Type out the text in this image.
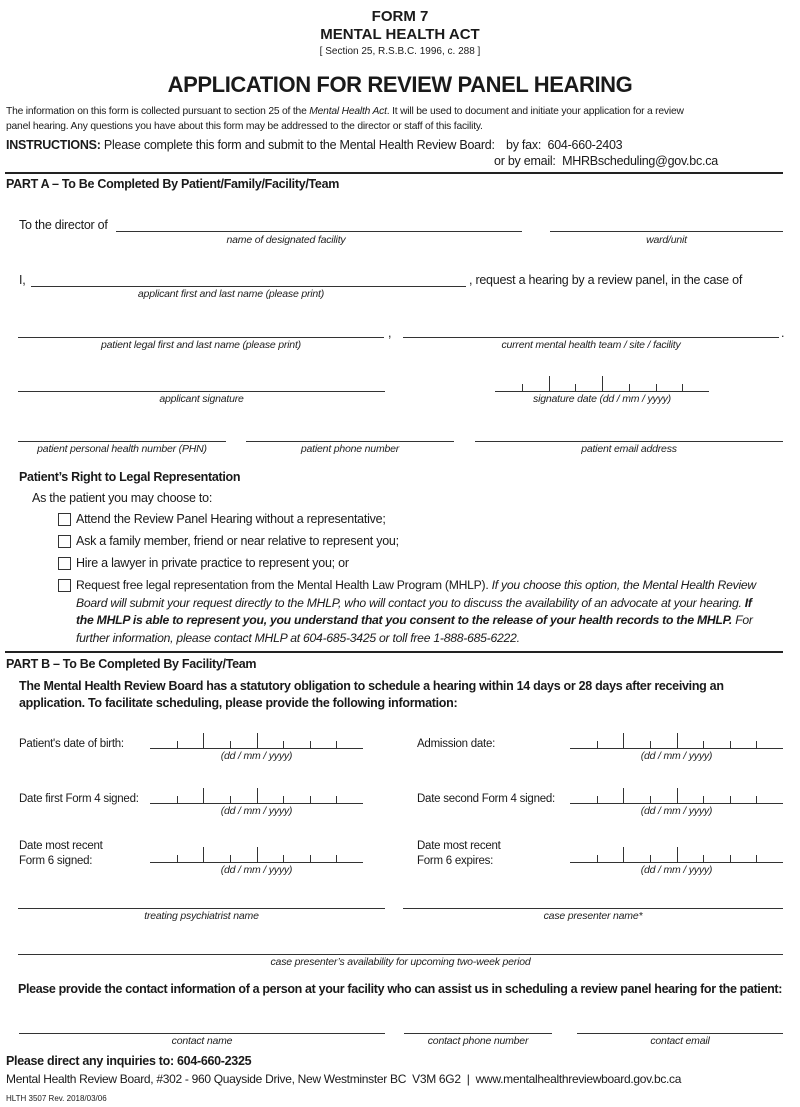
FORM 7
MENTAL HEALTH ACT
[ Section 25, R.S.B.C. 1996, c. 288 ]
APPLICATION FOR REVIEW PANEL HEARING
The information on this form is collected pursuant to section 25 of the Mental Health Act. It will be used to document and initiate your application for a review
panel hearing. Any questions you have about this form may be addressed to the director or staff of this facility.
INSTRUCTIONS: Please complete this form and submit to the Mental Health Review Board: by fax: 604-660-2403
or by email: MHRBscheduling@gov.bc.ca
PART A – To Be Completed By Patient/Family/Facility/Team
To the director of
name of designated facility	ward/unit
I,
applicant first and last name (please print)
, request a hearing by a review panel, in the case of
patient legal first and last name (please print)
,
current mental health team / site / facility
.
applicant signature	signature date (dd / mm / yyyy)
patient personal health number (PHN)	patient phone number	patient email address
Patient’s Right to Legal Representation
As the patient you may choose to:
Attend the Review Panel Hearing without a representative;
Ask a family member, friend or near relative to represent you;
Hire a lawyer in private practice to represent you; or
Request free legal representation from the Mental Health Law Program (MHLP). If you choose this option, the Mental Health Review Board will submit your request directly to the MHLP, who will contact you to discuss the availability of an advocate at your hearing. If the MHLP is able to represent you, you understand that you consent to the release of your health records to the MHLP. For further information, please contact MHLP at 604-685-3425 or toll free 1-888-685-6222.
PART B – To Be Completed By Facility/Team
The Mental Health Review Board has a statutory obligation to schedule a hearing within 14 days or 28 days after receiving an application. To facilitate scheduling, please provide the following information:
Patient's date of birth:
(dd / mm / yyyy)
Admission date:
(dd / mm / yyyy)
Date first Form 4 signed:
(dd / mm / yyyy)
Date second Form 4 signed:
(dd / mm / yyyy)
Date most recent
Form 6 signed:
(dd / mm / yyyy)
Date most recent
Form 6 expires:
(dd / mm / yyyy)
treating psychiatrist name	case presenter name*
case presenter’s availability for upcoming two-week period
Please provide the contact information of a person at your facility who can assist us in scheduling a review panel hearing for the patient:
contact name	contact phone number	contact email
Please direct any inquiries to: 604-660-2325
Mental Health Review Board, #302 - 960 Quayside Drive, New Westminster BC  V3M 6G2  |  www.mentalhealthreviewboard.gov.bc.ca
HLTH 3507 Rev. 2018/03/06
